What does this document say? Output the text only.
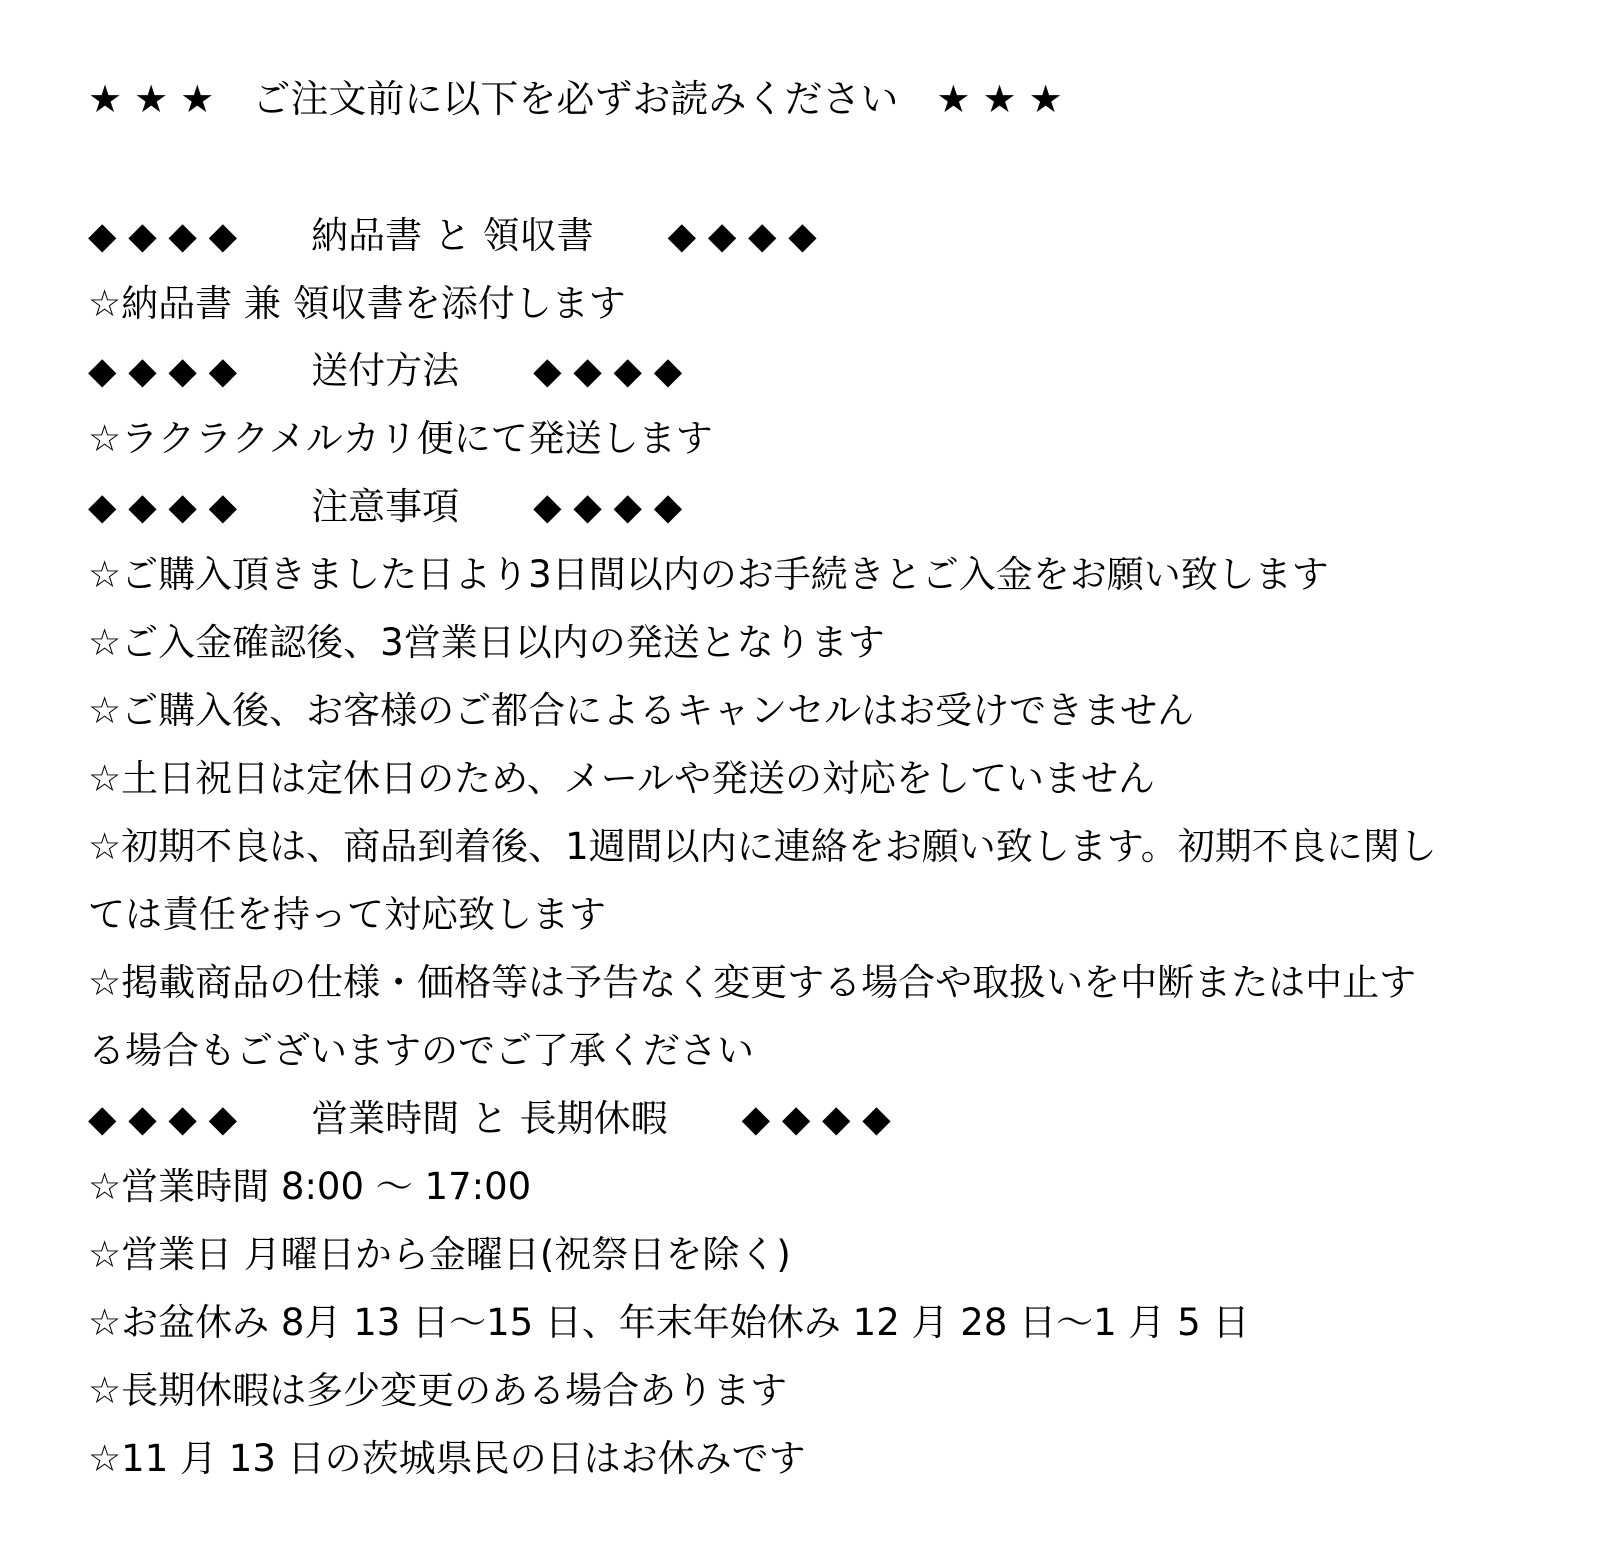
★ ★ ★　ご注文前に以下を必ずお読みください　★ ★ ★
◆ ◆ ◆ ◆　　納品書 と 領収書　　◆ ◆ ◆ ◆
☆納品書 兼 領収書を添付します
◆ ◆ ◆ ◆　　送付方法　　◆ ◆ ◆ ◆
☆ラクラクメルカリ便にて発送します
◆ ◆ ◆ ◆　　注意事項　　◆ ◆ ◆ ◆
☆ご購入頂きました日より3日間以内のお手続きとご入金をお願い致します
☆ご入金確認後、3営業日以内の発送となります
☆ご購入後、お客様のご都合によるキャンセルはお受けできません
☆土日祝日は定休日のため、メールや発送の対応をしていません
☆初期不良は、商品到着後、1週間以内に連絡をお願い致します。初期不良に関し
ては責任を持って対応致します
☆掲載商品の仕様・価格等は予告なく変更する場合や取扱いを中断または中止す
る場合もございますのでご了承ください
◆ ◆ ◆ ◆　　営業時間 と 長期休暇　　◆ ◆ ◆ ◆
☆営業時間 8:00 ～ 17:00
☆営業日 月曜日から金曜日(祝祭日を除く)
☆お盆休み 8月 13 日～15 日、年末年始休み 12 月 28 日～1 月 5 日
☆長期休暇は多少変更のある場合あります
☆11 月 13 日の茨城県民の日はお休みです
